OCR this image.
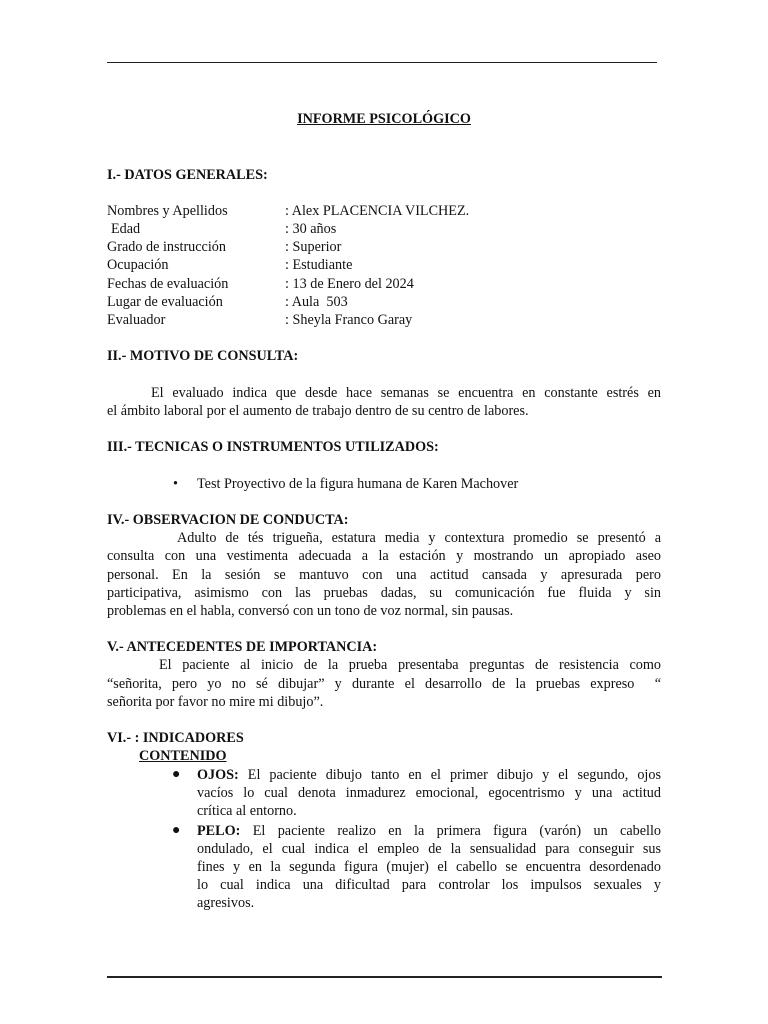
INFORME PSICOLÓGICO
I.- DATOS GENERALES:
Nombres y Apellidos	: Alex PLACENCIA VILCHEZ.
Edad	: 30 años
Grado de instrucción	: Superior
Ocupación	: Estudiante
Fechas de evaluación	: 13 de Enero del 2024
Lugar de evaluación	: Aula  503
Evaluador	: Sheyla Franco Garay
II.- MOTIVO DE CONSULTA:
El evaluado indica que desde hace semanas se encuentra en constante estrés en
el ámbito laboral por el aumento de trabajo dentro de su centro de labores.
III.- TECNICAS O INSTRUMENTOS UTILIZADOS:
• Test Proyectivo de la figura humana de Karen Machover
IV.- OBSERVACION DE CONDUCTA:
Adulto de tés trigueña, estatura media y contextura promedio se presentó a
consulta con una vestimenta adecuada a la estación y mostrando un apropiado aseo
personal. En la sesión se mantuvo con una actitud cansada y apresurada pero
participativa, asimismo con las pruebas dadas, su comunicación fue fluida y sin
problemas en el habla, conversó con un tono de voz normal, sin pausas.
V.- ANTECEDENTES DE IMPORTANCIA:
El paciente al inicio de la prueba presentaba preguntas de resistencia como
“señorita, pero yo no sé dibujar” y durante el desarrollo de la pruebas expreso  “
señorita por favor no mire mi dibujo”.
VI.- : INDICADORES
CONTENIDO
● OJOS: El paciente dibujo tanto en el primer dibujo y el segundo, ojos
vacíos lo cual denota inmadurez emocional, egocentrismo y una actitud
crítica al entorno.
● PELO: El paciente realizo en la primera figura (varón) un cabello
ondulado, el cual indica el empleo de la sensualidad para conseguir sus
fines y en la segunda figura (mujer) el cabello se encuentra desordenado
lo cual indica una dificultad para controlar los impulsos sexuales y
agresivos.
